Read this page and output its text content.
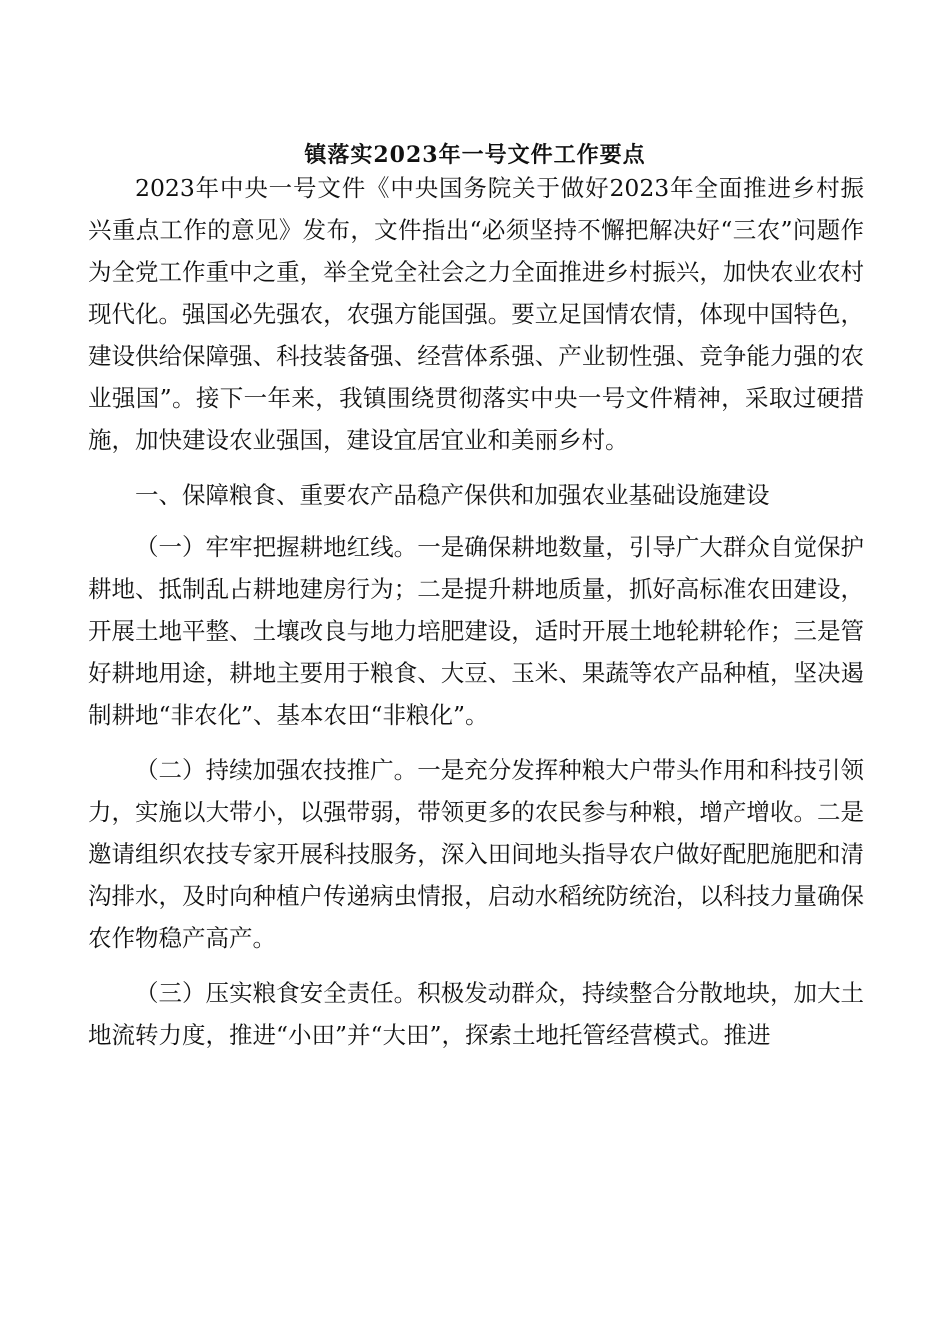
镇落实2023年一号文件工作要点

2023年中央一号文件《中央国务院关于做好2023年全面推进乡村振兴重点工作的意见》发布，文件指出“必须坚持不懈把解决好“三农”问题作为全党工作重中之重，举全党全社会之力全面推进乡村振兴，加快农业农村现代化。强国必先强农，农强方能国强。要立足国情农情，体现中国特色，建设供给保障强、科技装备强、经营体系强、产业韧性强、竞争能力强的农业强国”。接下一年来，我镇围绕贯彻落实中央一号文件精神，采取过硬措施，加快建设农业强国，建设宜居宜业和美丽乡村。

一、保障粮食、重要农产品稳产保供和加强农业基础设施建设

（一）牢牢把握耕地红线。一是确保耕地数量，引导广大群众自觉保护耕地、抵制乱占耕地建房行为；二是提升耕地质量，抓好高标准农田建设，开展土地平整、土壤改良与地力培肥建设，适时开展土地轮耕轮作；三是管好耕地用途，耕地主要用于粮食、大豆、玉米、果蔬等农产品种植，坚决遏制耕地“非农化”、基本农田“非粮化”。

（二）持续加强农技推广。一是充分发挥种粮大户带头作用和科技引领力，实施以大带小，以强带弱，带领更多的农民参与种粮，增产增收。二是邀请组织农技专家开展科技服务，深入田间地头指导农户做好配肥施肥和清沟排水，及时向种植户传递病虫情报，启动水稻统防统治，以科技力量确保农作物稳产高产。

（三）压实粮食安全责任。积极发动群众，持续整合分散地块，加大土地流转力度，推进“小田”并“大田”，探索土地托管经营模式。推进
